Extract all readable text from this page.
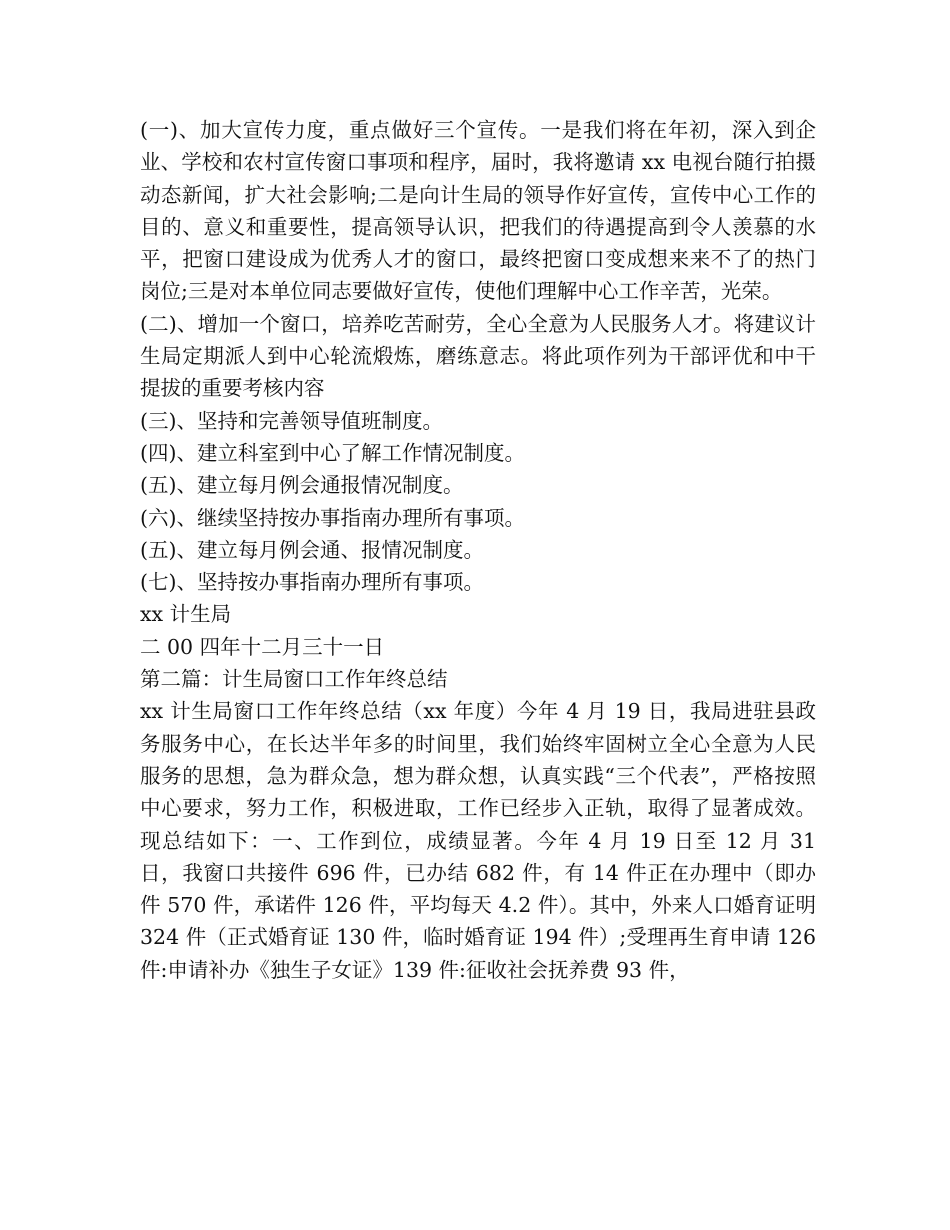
(一)、加大宣传力度，重点做好三个宣传。一是我们将在年初，深入到企业、学校和农村宣传窗口事项和程序，届时，我将邀请 xx 电视台随行拍摄动态新闻，扩大社会影响;二是向计生局的领导作好宣传，宣传中心工作的目的、意义和重要性，提高领导认识，把我们的待遇提高到令人羡慕的水平，把窗口建设成为优秀人才的窗口，最终把窗口变成想来来不了的热门岗位;三是对本单位同志要做好宣传，使他们理解中心工作辛苦，光荣。

(二)、增加一个窗口，培养吃苦耐劳，全心全意为人民服务人才。将建议计生局定期派人到中心轮流煅炼，磨练意志。将此项作列为干部评优和中干提拔的重要考核内容

(三)、坚持和完善领导值班制度。

(四)、建立科室到中心了解工作情况制度。

(五)、建立每月例会通报情况制度。

(六)、继续坚持按办事指南办理所有事项。

(五)、建立每月例会通、报情况制度。

(七)、坚持按办事指南办理所有事项。

xx 计生局

二 00 四年十二月三十一日

第二篇：计生局窗口工作年终总结

xx 计生局窗口工作年终总结（xx 年度）今年 4 月 19 日，我局进驻县政务服务中心，在长达半年多的时间里，我们始终牢固树立全心全意为人民服务的思想，急为群众急，想为群众想，认真实践“三个代表”，严格按照中心要求，努力工作，积极进取，工作已经步入正轨，取得了显著成效。现总结如下：一、工作到位，成绩显著。今年 4 月 19 日至 12 月 31 日，我窗口共接件 696 件，已办结 682 件，有 14 件正在办理中（即办件 570 件，承诺件 126 件，平均每天 4.2 件）。其中，外来人口婚育证明 324 件（正式婚育证 130 件，临时婚育证 194 件）;受理再生育申请 126 件:申请补办《独生子女证》139 件:征收社会抚养费 93 件，
